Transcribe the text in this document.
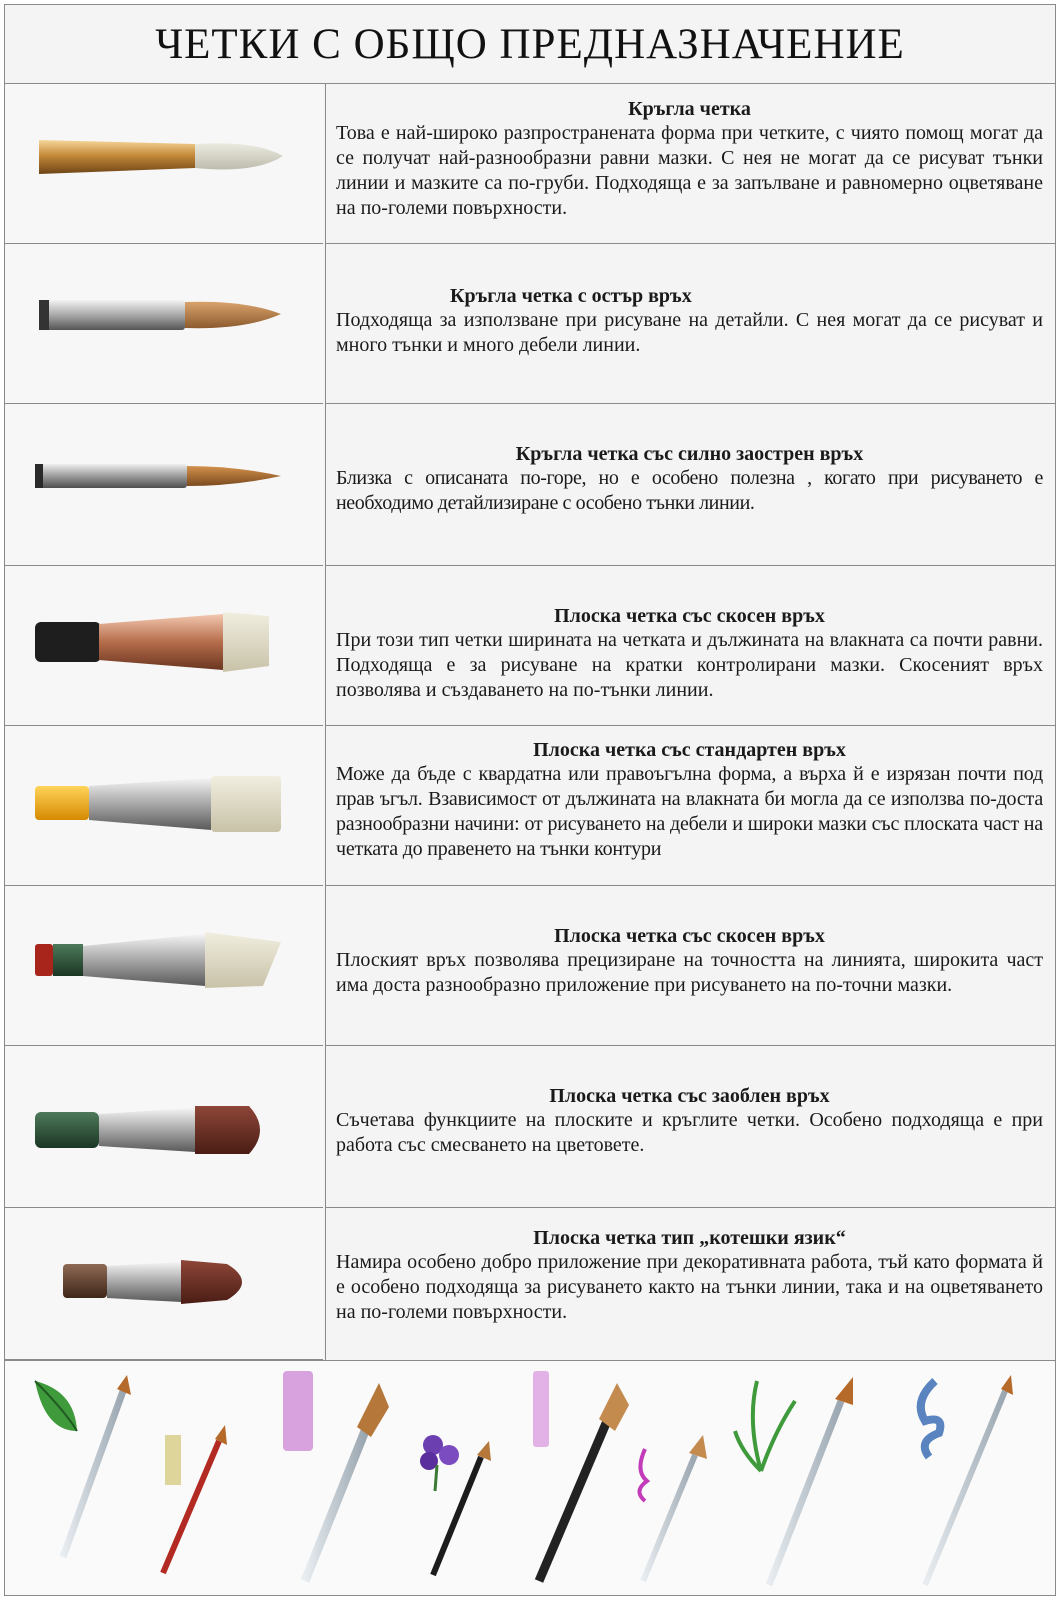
ЧЕТКИ С ОБЩО ПРЕДНАЗНАЧЕНИЕ
Кръгла четка
Това е най-широко разпространената форма при четките, с чиято помощ могат да се получат най-разнообразни равни мазки. С нея не могат да се рисуват тънки линии и мазките са по-груби. Подходяща е за запълване и равномерно оцветяване на по-големи повърхности.
Кръгла четка с остър връх
Подходяща за използване при рисуване на детайли. С нея могат да се рисуват и много тънки и много дебели линии.
Кръгла четка със силно заострен връх
Близка с описаната по-горе, но е особено полезна , когато при рисуването е необходимо детайлизиране с особено тънки линии.
Плоска четка със скосен връх
При този тип четки ширината на четката и дължината на влакната са почти равни. Подходяща е за рисуване на кратки контролирани мазки. Скосеният връх позволява и създаването на по-тънки линии.
Плоска четка със стандартен връх
Може да бъде с квардатна или правоъгълна форма, а върха й е изрязан почти под прав ъгъл. Взависимост от дължината на влакната би могла да се използва по-доста разнообразни начини: от рисуването на дебели и широки мазки със плоската част на четката до правенето на тънки контури
Плоска четка със скосен връх
Плоският връх позволява прецизиране на точността на линията, широкита част има доста разнообразно приложение при рисуването на по-точни мазки.
Плоска четка със заоблен връх
Съчетава функциите на плоските и кръглите четки. Особено подходяща е при работа със смесването на цветовете.
Плоска четка тип „котешки язик“
Намира особено добро приложение при декоративната работа, тъй като формата й е особено подходяща за рисуването както на тънки линии, така и на оцветяването на по-големи повърхности.
